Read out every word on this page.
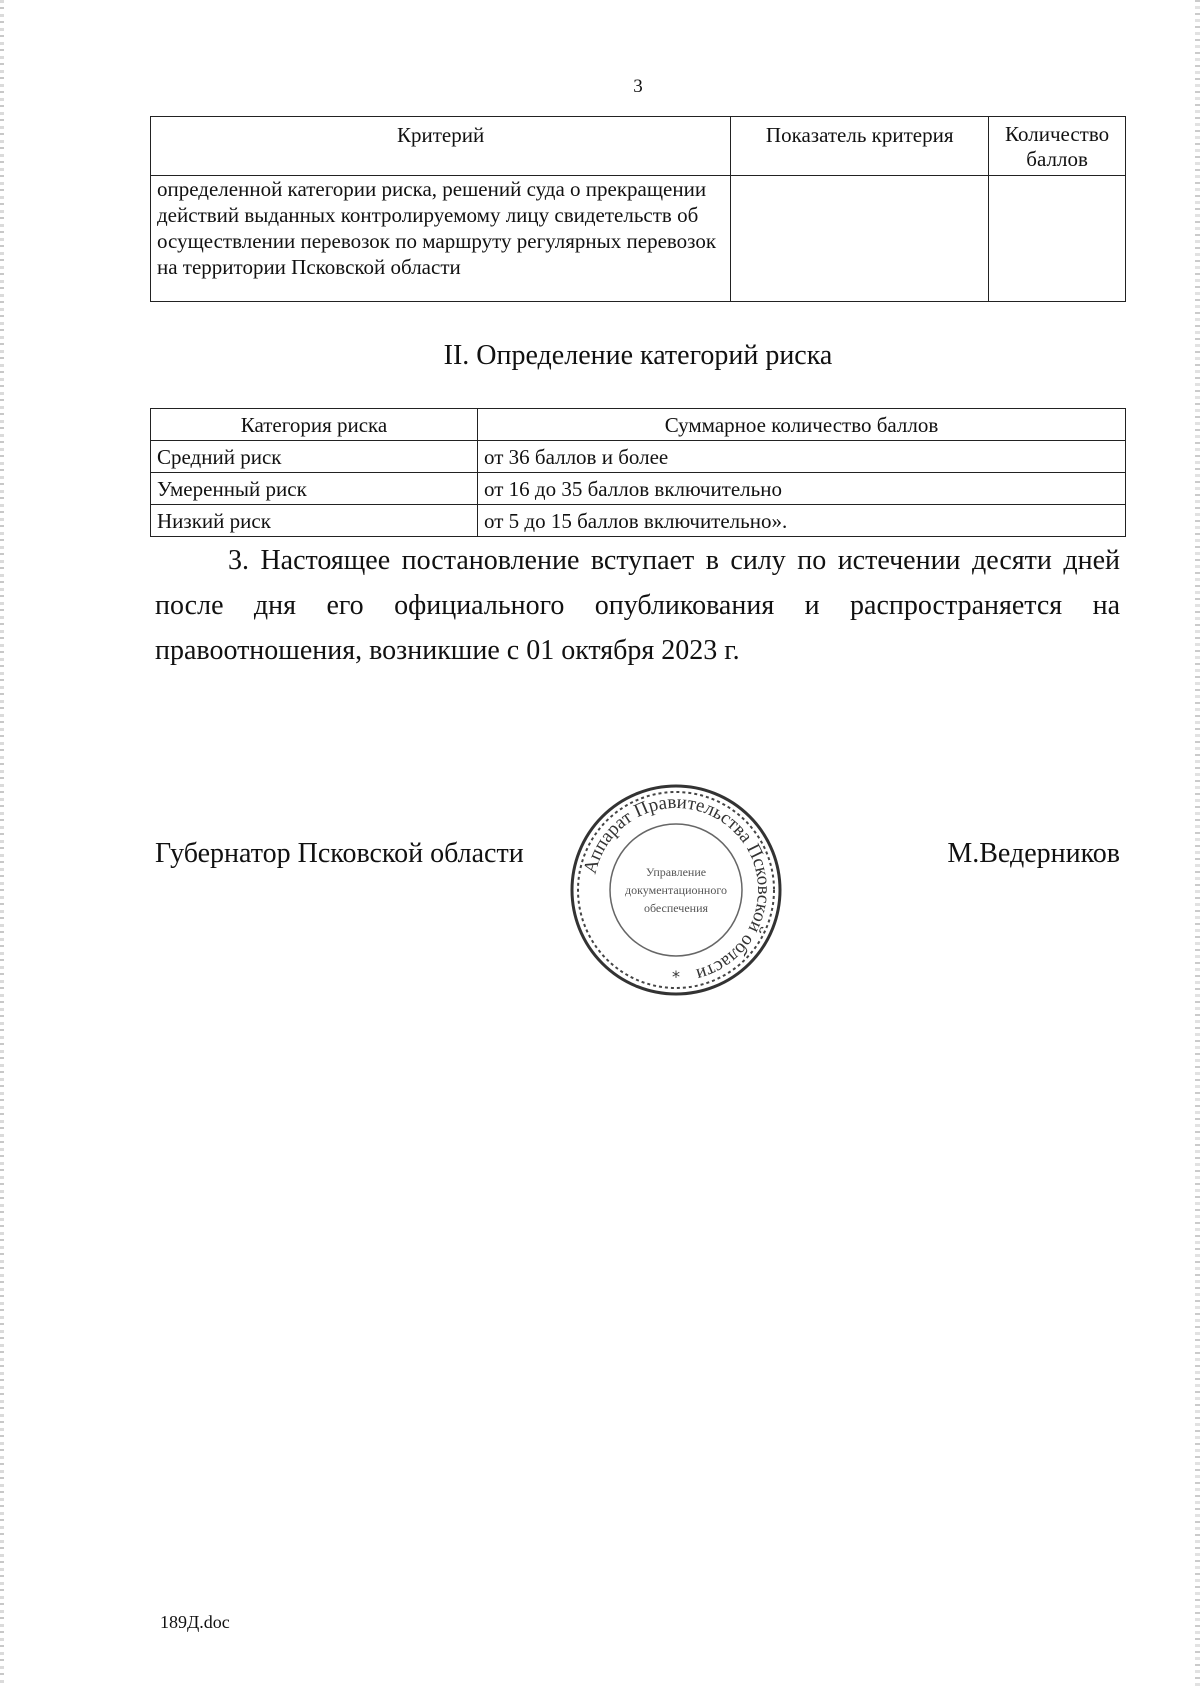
3
Критерий	Показатель критерия	Количество баллов
определенной категории риска, решений суда о прекращении действий выданных контролируемому лицу свидетельств об осуществлении перевозок по маршруту регулярных перевозок на территории Псковской области		
II. Определение категорий риска
Категория риска	Суммарное количество баллов
Средний риск	от 36 баллов и более
Умеренный риск	от 16 до 35 баллов включительно
Низкий риск	от 5 до 15 баллов включительно».
3. Настоящее постановление вступает в силу по истечении десяти дней после дня его официального опубликования и распространяется на правоотношения, возникшие с 01 октября 2023 г.
Губернатор Псковской области	Аппарат Правительства Псковской области
Управление
документационного
обеспечения
*
М.Ведерников
189Д.doc
